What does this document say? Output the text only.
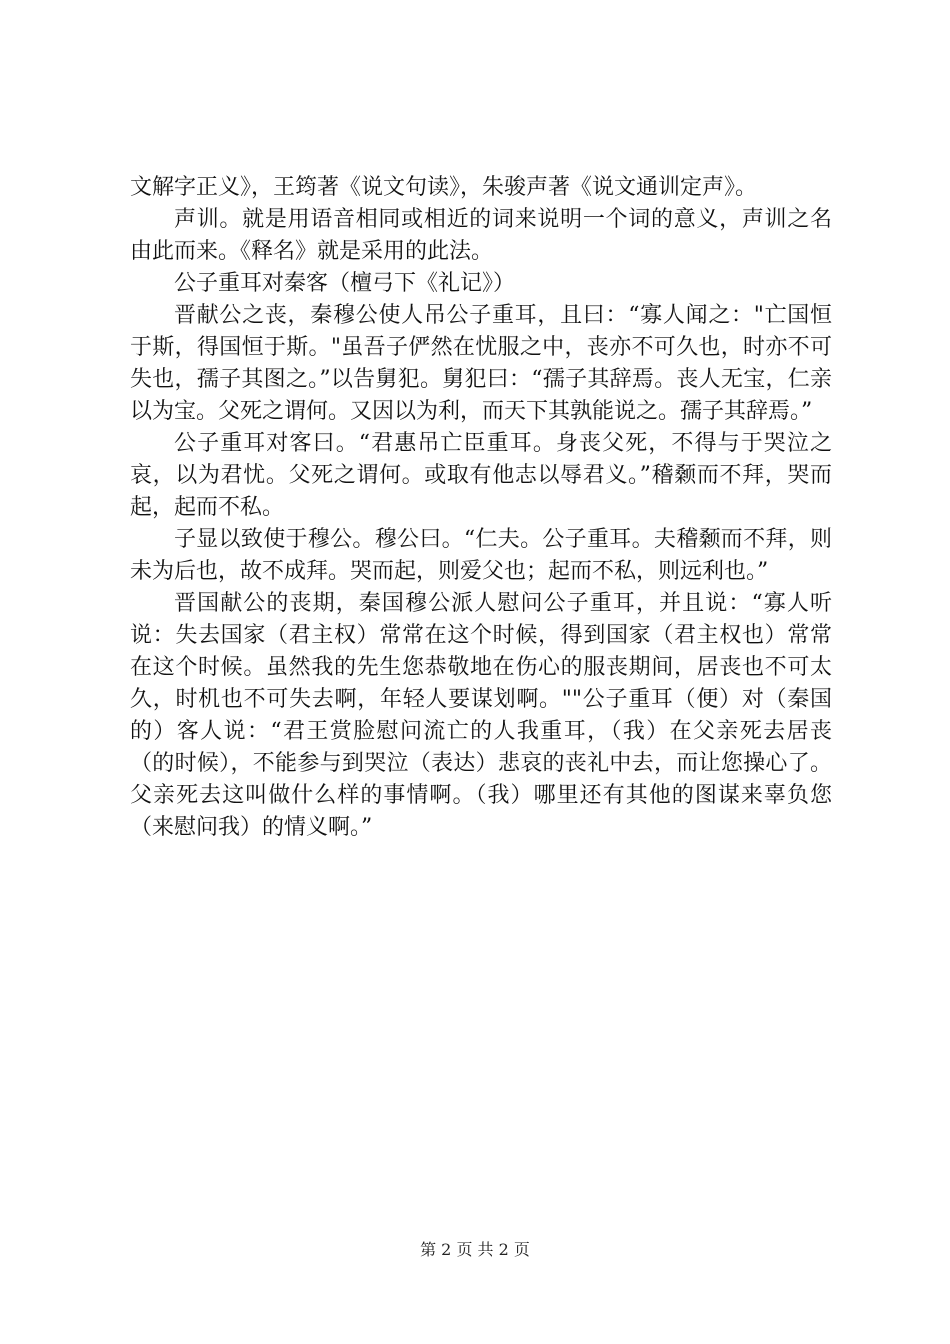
文解字正义》，王筠著《说文句读》，朱骏声著《说文通训定声》。

声训。就是用语音相同或相近的词来说明一个词的意义，声训之名由此而来。《释名》就是采用的此法。

公子重耳对秦客（檀弓下《礼记》）

晋献公之丧，秦穆公使人吊公子重耳，且曰：“寡人闻之："亡国恒于斯，得国恒于斯。"虽吾子俨然在忧服之中，丧亦不可久也，时亦不可失也，孺子其图之。”以告舅犯。舅犯曰：“孺子其辞焉。丧人无宝，仁亲以为宝。父死之谓何。又因以为利，而天下其孰能说之。孺子其辞焉。”

公子重耳对客曰。“君惠吊亡臣重耳。身丧父死，不得与于哭泣之哀，以为君忧。父死之谓何。或取有他志以辱君义。”稽颡而不拜，哭而起，起而不私。

子显以致使于穆公。穆公曰。“仁夫。公子重耳。夫稽颡而不拜，则未为后也，故不成拜。哭而起，则爱父也；起而不私，则远利也。”

晋国献公的丧期，秦国穆公派人慰问公子重耳，并且说：“寡人听说：失去国家（君主权）常常在这个时候，得到国家（君主权也）常常在这个时候。虽然我的先生您恭敬地在伤心的服丧期间，居丧也不可太久，时机也不可失去啊，年轻人要谋划啊。""公子重耳（便）对（秦国的）客人说：“君王赏脸慰问流亡的人我重耳，（我）在父亲死去居丧（的时候），不能参与到哭泣（表达）悲哀的丧礼中去，而让您操心了。父亲死去这叫做什么样的事情啊。（我）哪里还有其他的图谋来辜负您（来慰问我）的情义啊。”

第 2 页 共 2 页
